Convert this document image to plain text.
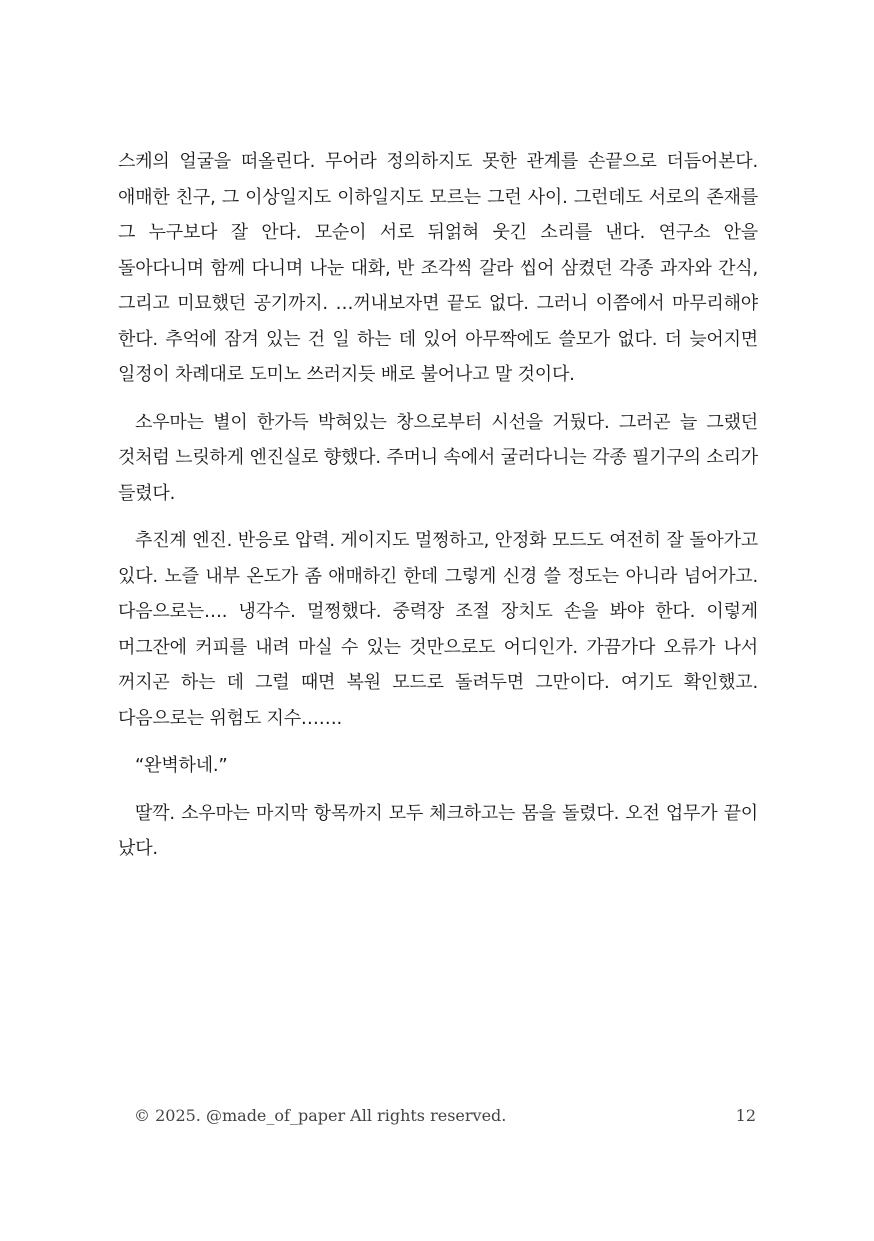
스케의 얼굴을 떠올린다. 무어라 정의하지도 못한 관계를 손끝으로 더듬어본다. 애매한 친구, 그 이상일지도 이하일지도 모르는 그런 사이. 그런데도 서로의 존재를 그 누구보다 잘 안다. 모순이 서로 뒤얽혀 웃긴 소리를 낸다. 연구소 안을 돌아다니며 함께 다니며 나눈 대화, 반 조각씩 갈라 씹어 삼켰던 각종 과자와 간식, 그리고 미묘했던 공기까지. …꺼내보자면 끝도 없다. 그러니 이쯤에서 마무리해야 한다. 추억에 잠겨 있는 건 일 하는 데 있어 아무짝에도 쓸모가 없다. 더 늦어지면 일정이 차례대로 도미노 쓰러지듯 배로 불어나고 말 것이다.

소우마는 별이 한가득 박혀있는 창으로부터 시선을 거뒀다. 그러곤 늘 그랬던 것처럼 느릿하게 엔진실로 향했다. 주머니 속에서 굴러다니는 각종 필기구의 소리가 들렸다.

추진계 엔진. 반응로 압력. 게이지도 멀쩡하고, 안정화 모드도 여전히 잘 돌아가고 있다. 노즐 내부 온도가 좀 애매하긴 한데 그렇게 신경 쓸 정도는 아니라 넘어가고. 다음으로는…. 냉각수. 멀쩡했다. 중력장 조절 장치도 손을 봐야 한다. 이렇게 머그잔에 커피를 내려 마실 수 있는 것만으로도 어디인가. 가끔가다 오류가 나서 꺼지곤 하는 데 그럴 때면 복원 모드로 돌려두면 그만이다. 여기도 확인했고. 다음으로는 위험도 지수…….

“완벽하네.”

딸깍. 소우마는 마지막 항목까지 모두 체크하고는 몸을 돌렸다. 오전 업무가 끝이 났다.

© 2025. @made_of_paper All rights reserved.	12
